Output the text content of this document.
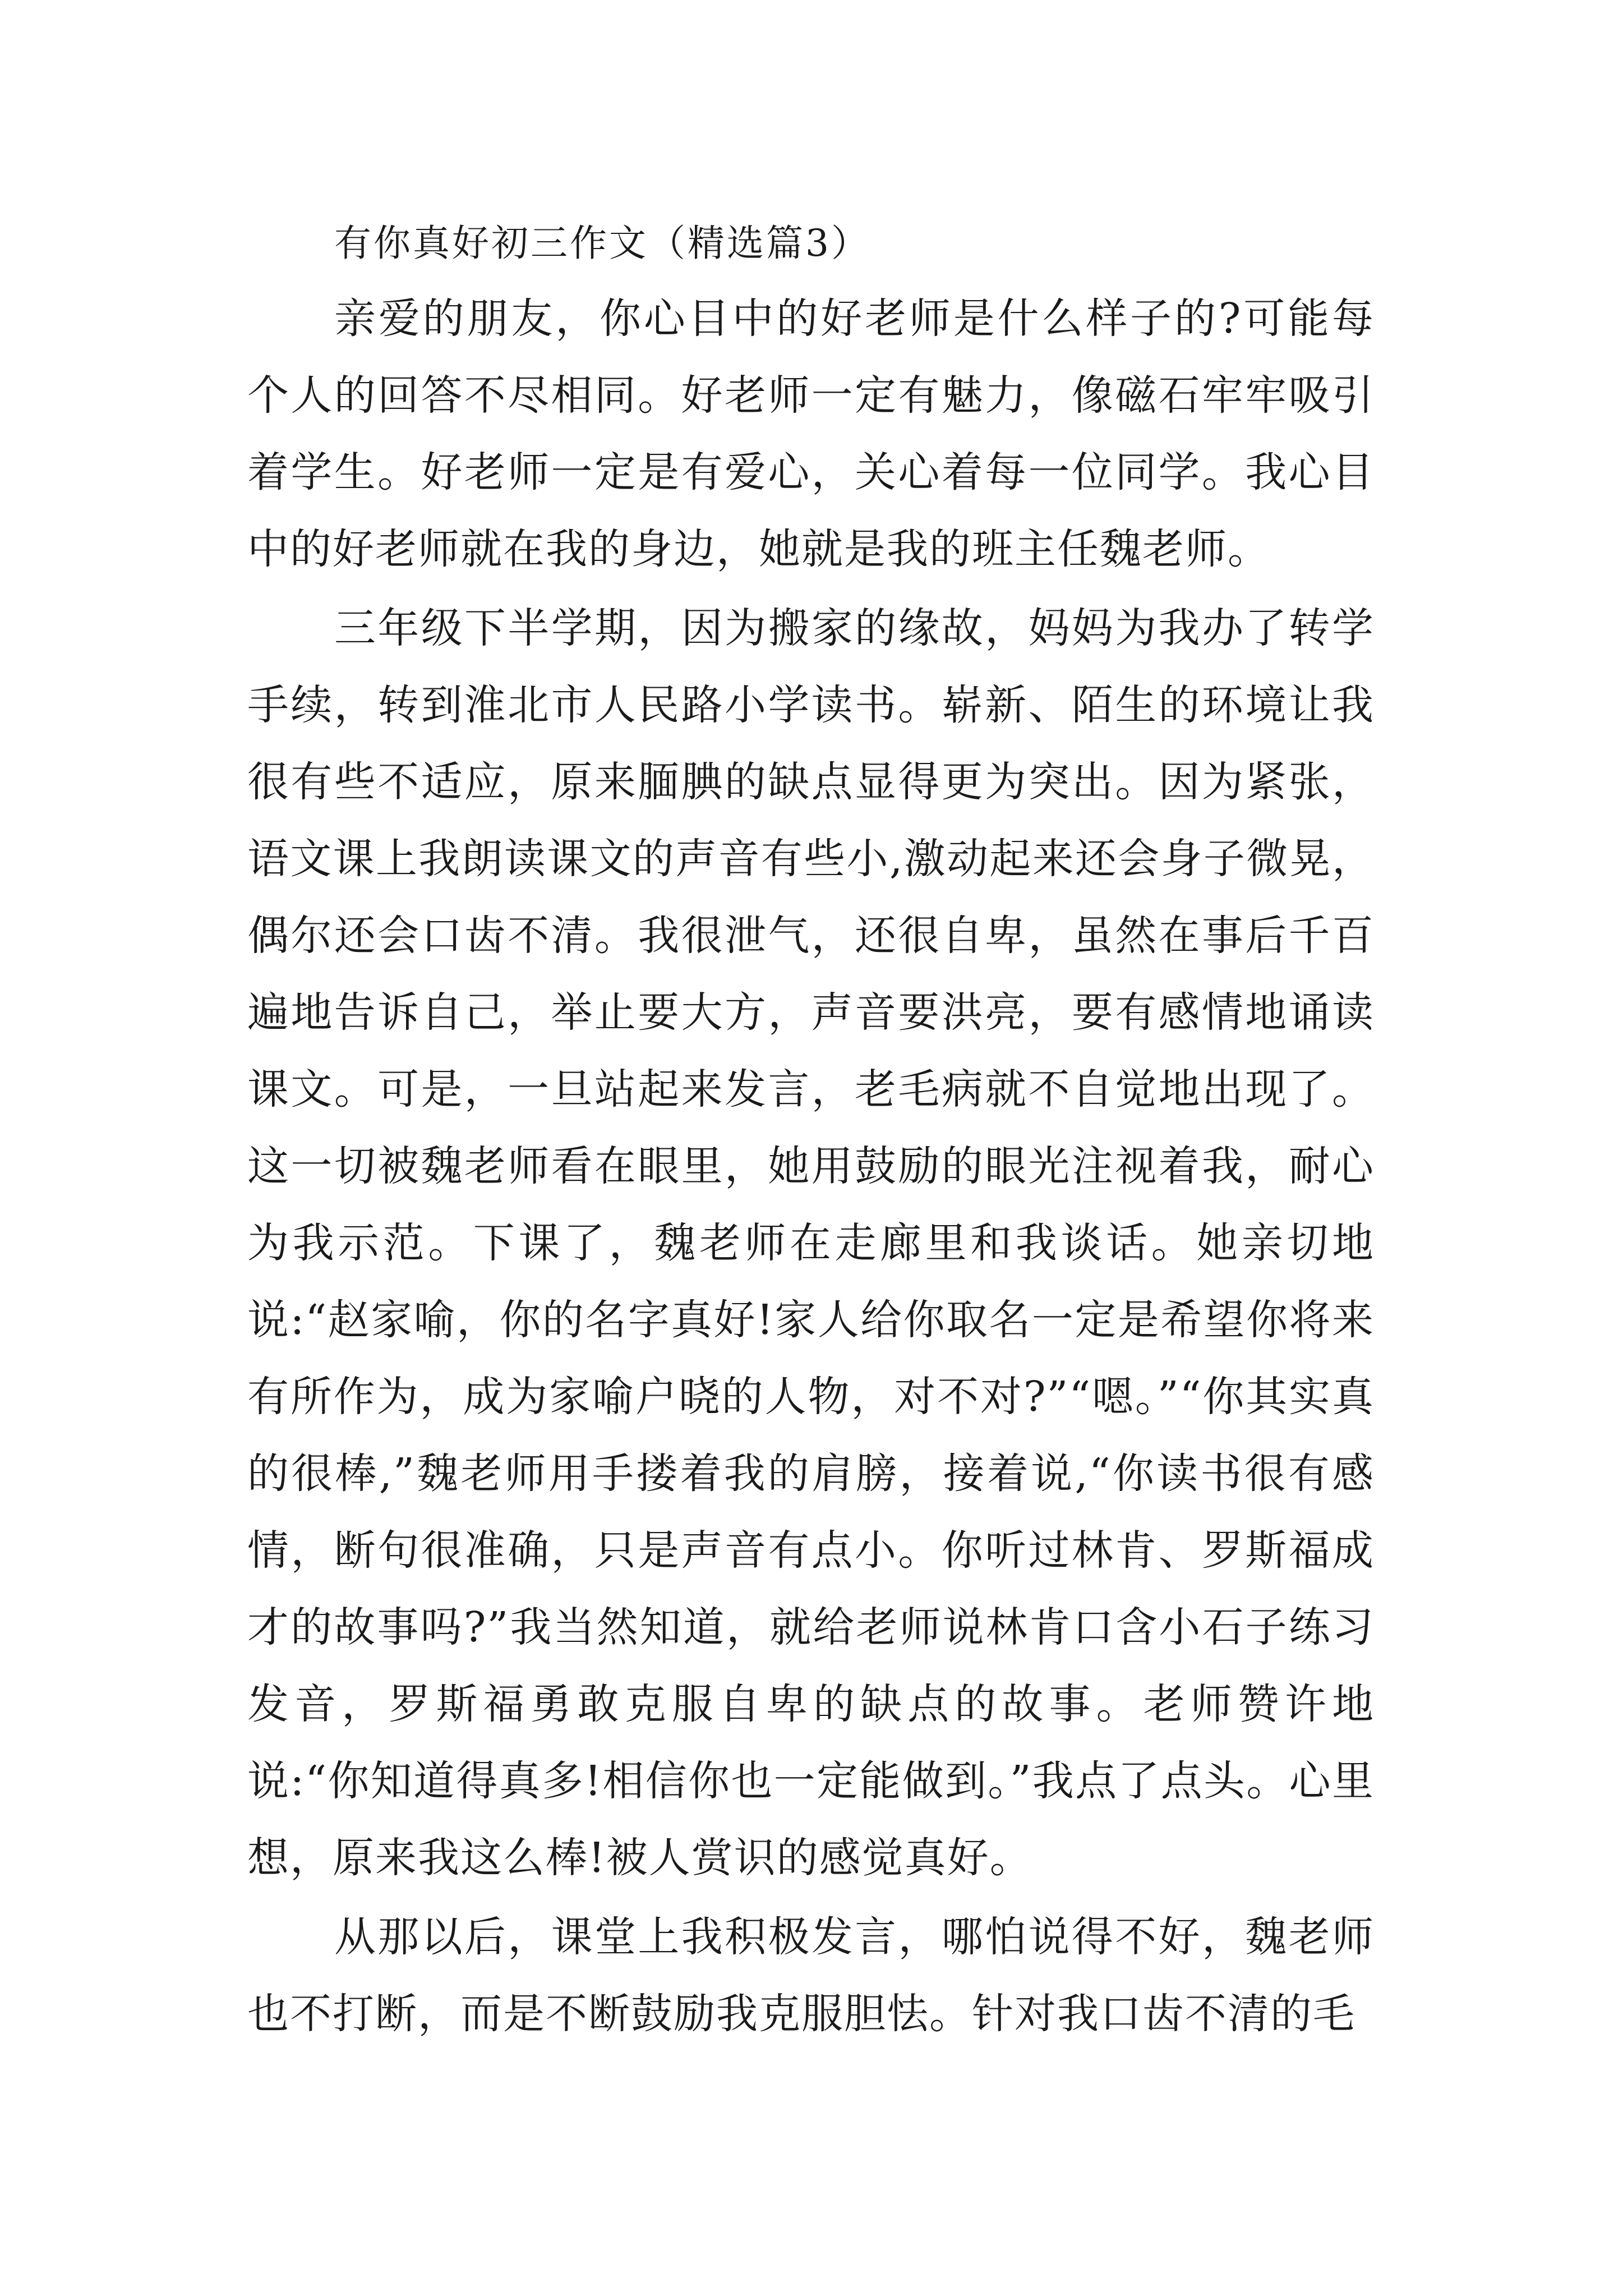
有你真好初三作文（精选篇3）

亲爱的朋友，你心目中的好老师是什么样子的?可能每个人的回答不尽相同。好老师一定有魅力，像磁石牢牢吸引着学生。好老师一定是有爱心，关心着每一位同学。我心目中的好老师就在我的身边，她就是我的班主任魏老师。

三年级下半学期，因为搬家的缘故，妈妈为我办了转学手续，转到淮北市人民路小学读书。崭新、陌生的环境让我很有些不适应，原来腼腆的缺点显得更为突出。因为紧张，语文课上我朗读课文的声音有些小,激动起来还会身子微晃，偶尔还会口齿不清。我很泄气，还很自卑，虽然在事后千百遍地告诉自己，举止要大方，声音要洪亮，要有感情地诵读课文。可是，一旦站起来发言，老毛病就不自觉地出现了。这一切被魏老师看在眼里，她用鼓励的眼光注视着我，耐心为我示范。下课了，魏老师在走廊里和我谈话。她亲切地说:“赵家喻，你的名字真好!家人给你取名一定是希望你将来有所作为，成为家喻户晓的人物，对不对?”“嗯。”“你其实真的很棒,”魏老师用手搂着我的肩膀，接着说,“你读书很有感情，断句很准确，只是声音有点小。你听过林肯、罗斯福成才的故事吗?”我当然知道，就给老师说林肯口含小石子练习发音，罗斯福勇敢克服自卑的缺点的故事。老师赞许地说:“你知道得真多!相信你也一定能做到。”我点了点头。心里想，原来我这么棒!被人赏识的感觉真好。

从那以后，课堂上我积极发言，哪怕说得不好，魏老师也不打断，而是不断鼓励我克服胆怯。针对我口齿不清的毛
